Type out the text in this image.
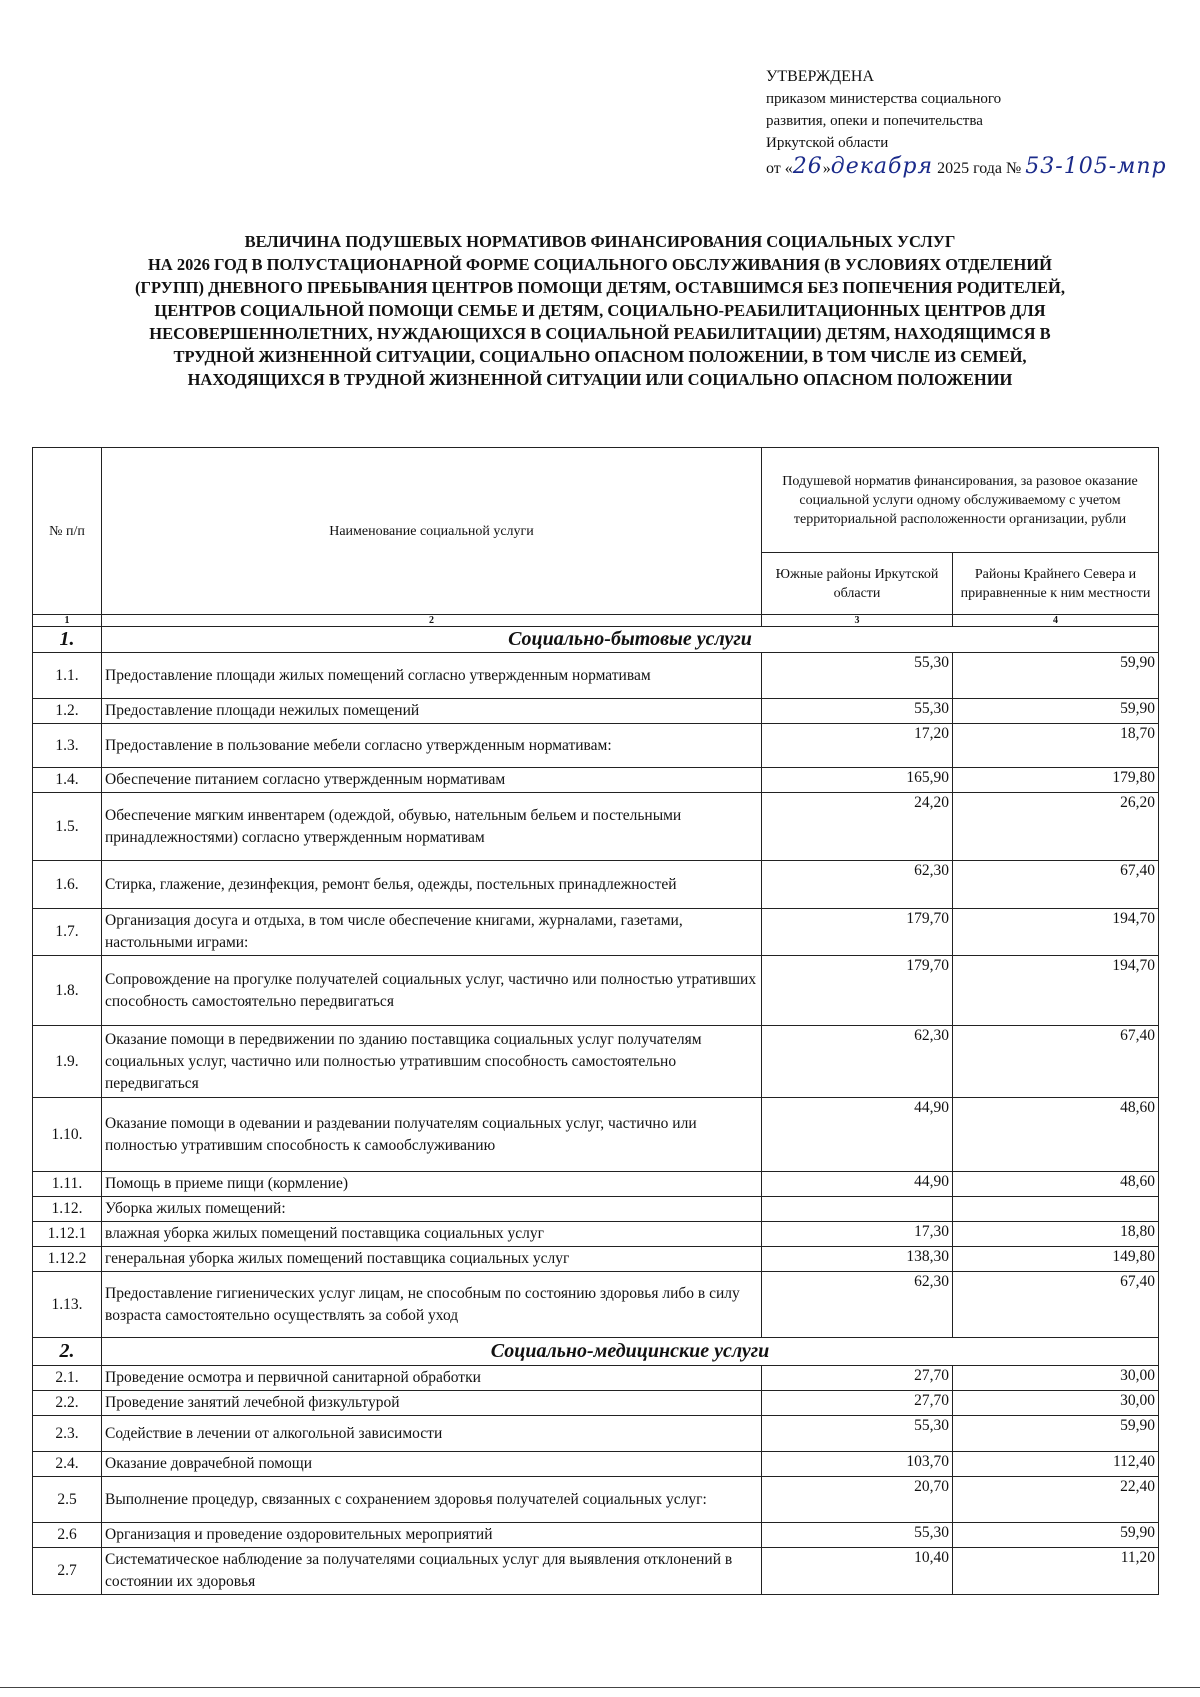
УТВЕРЖДЕНА
приказом министерства социального
развития, опеки и попечительства
Иркутской области
от «26»декабря 2025 года № 53-105-мпр
ВЕЛИЧИНА ПОДУШЕВЫХ НОРМАТИВОВ ФИНАНСИРОВАНИЯ СОЦИАЛЬНЫХ УСЛУГ
НА 2026 ГОД В ПОЛУСТАЦИОНАРНОЙ ФОРМЕ СОЦИАЛЬНОГО ОБСЛУЖИВАНИЯ (В УСЛОВИЯХ ОТДЕЛЕНИЙ
(ГРУПП) ДНЕВНОГО ПРЕБЫВАНИЯ ЦЕНТРОВ ПОМОЩИ ДЕТЯМ, ОСТАВШИМСЯ БЕЗ ПОПЕЧЕНИЯ РОДИТЕЛЕЙ,
ЦЕНТРОВ СОЦИАЛЬНОЙ ПОМОЩИ СЕМЬЕ И ДЕТЯМ, СОЦИАЛЬНО-РЕАБИЛИТАЦИОННЫХ ЦЕНТРОВ ДЛЯ
НЕСОВЕРШЕННОЛЕТНИХ, НУЖДАЮЩИХСЯ В СОЦИАЛЬНОЙ РЕАБИЛИТАЦИИ) ДЕТЯМ, НАХОДЯЩИМСЯ В
ТРУДНОЙ ЖИЗНЕННОЙ СИТУАЦИИ, СОЦИАЛЬНО ОПАСНОМ ПОЛОЖЕНИИ, В ТОМ ЧИСЛЕ ИЗ СЕМЕЙ,
НАХОДЯЩИХСЯ В ТРУДНОЙ ЖИЗНЕННОЙ СИТУАЦИИ ИЛИ СОЦИАЛЬНО ОПАСНОМ ПОЛОЖЕНИИ
№ п/п	Наименование социальной услуги	Подушевой норматив финансирования, за разовое оказание социальной услуги одному обслуживаемому с учетом территориальной расположенности организации, рубли	
		Южные районы Иркутской области	Районы Крайнего Севера и приравненные к ним местности
1	2	3	4
1.	Социально-бытовые услуги		
1.1.	Предоставление площади жилых помещений согласно утвержденным нормативам	55,30	59,90
1.2.	Предоставление площади нежилых помещений	55,30	59,90
1.3.	Предоставление в пользование мебели согласно утвержденным нормативам:	17,20	18,70
1.4.	Обеспечение питанием согласно утвержденным нормативам	165,90	179,80
1.5.	Обеспечение мягким инвентарем (одеждой, обувью, нательным бельем и постельными принадлежностями) согласно утвержденным нормативам	24,20	26,20
1.6.	Стирка, глажение, дезинфекция, ремонт белья, одежды, постельных принадлежностей	62,30	67,40
1.7.	Организация досуга и отдыха, в том числе обеспечение книгами, журналами, газетами, настольными играми:	179,70	194,70
1.8.	Сопровождение на прогулке получателей социальных услуг, частично или полностью утративших способность самостоятельно передвигаться	179,70	194,70
1.9.	Оказание помощи в передвижении по зданию поставщика социальных услуг получателям социальных услуг, частично или полностью утратившим способность самостоятельно передвигаться	62,30	67,40
1.10.	Оказание помощи в одевании и раздевании получателям социальных услуг, частично или полностью утратившим способность к самообслуживанию	44,90	48,60
1.11.	Помощь в приеме пищи (кормление)	44,90	48,60
1.12.	Уборка жилых помещений:		
1.12.1	влажная уборка жилых помещений поставщика социальных услуг	17,30	18,80
1.12.2	генеральная уборка жилых помещений поставщика социальных услуг	138,30	149,80
1.13.	Предоставление гигиенических услуг лицам, не способным по состоянию здоровья либо в силу возраста самостоятельно осуществлять за собой уход	62,30	67,40
2.	Социально-медицинские услуги		
2.1.	Проведение осмотра и первичной санитарной обработки	27,70	30,00
2.2.	Проведение занятий лечебной физкультурой	27,70	30,00
2.3.	Содействие в лечении от алкогольной зависимости	55,30	59,90
2.4.	Оказание доврачебной помощи	103,70	112,40
2.5	Выполнение процедур, связанных с сохранением здоровья получателей социальных услуг:	20,70	22,40
2.6	Организация и проведение оздоровительных мероприятий	55,30	59,90
2.7	Систематическое наблюдение за получателями социальных услуг для выявления отклонений в состоянии их здоровья	10,40	11,20
